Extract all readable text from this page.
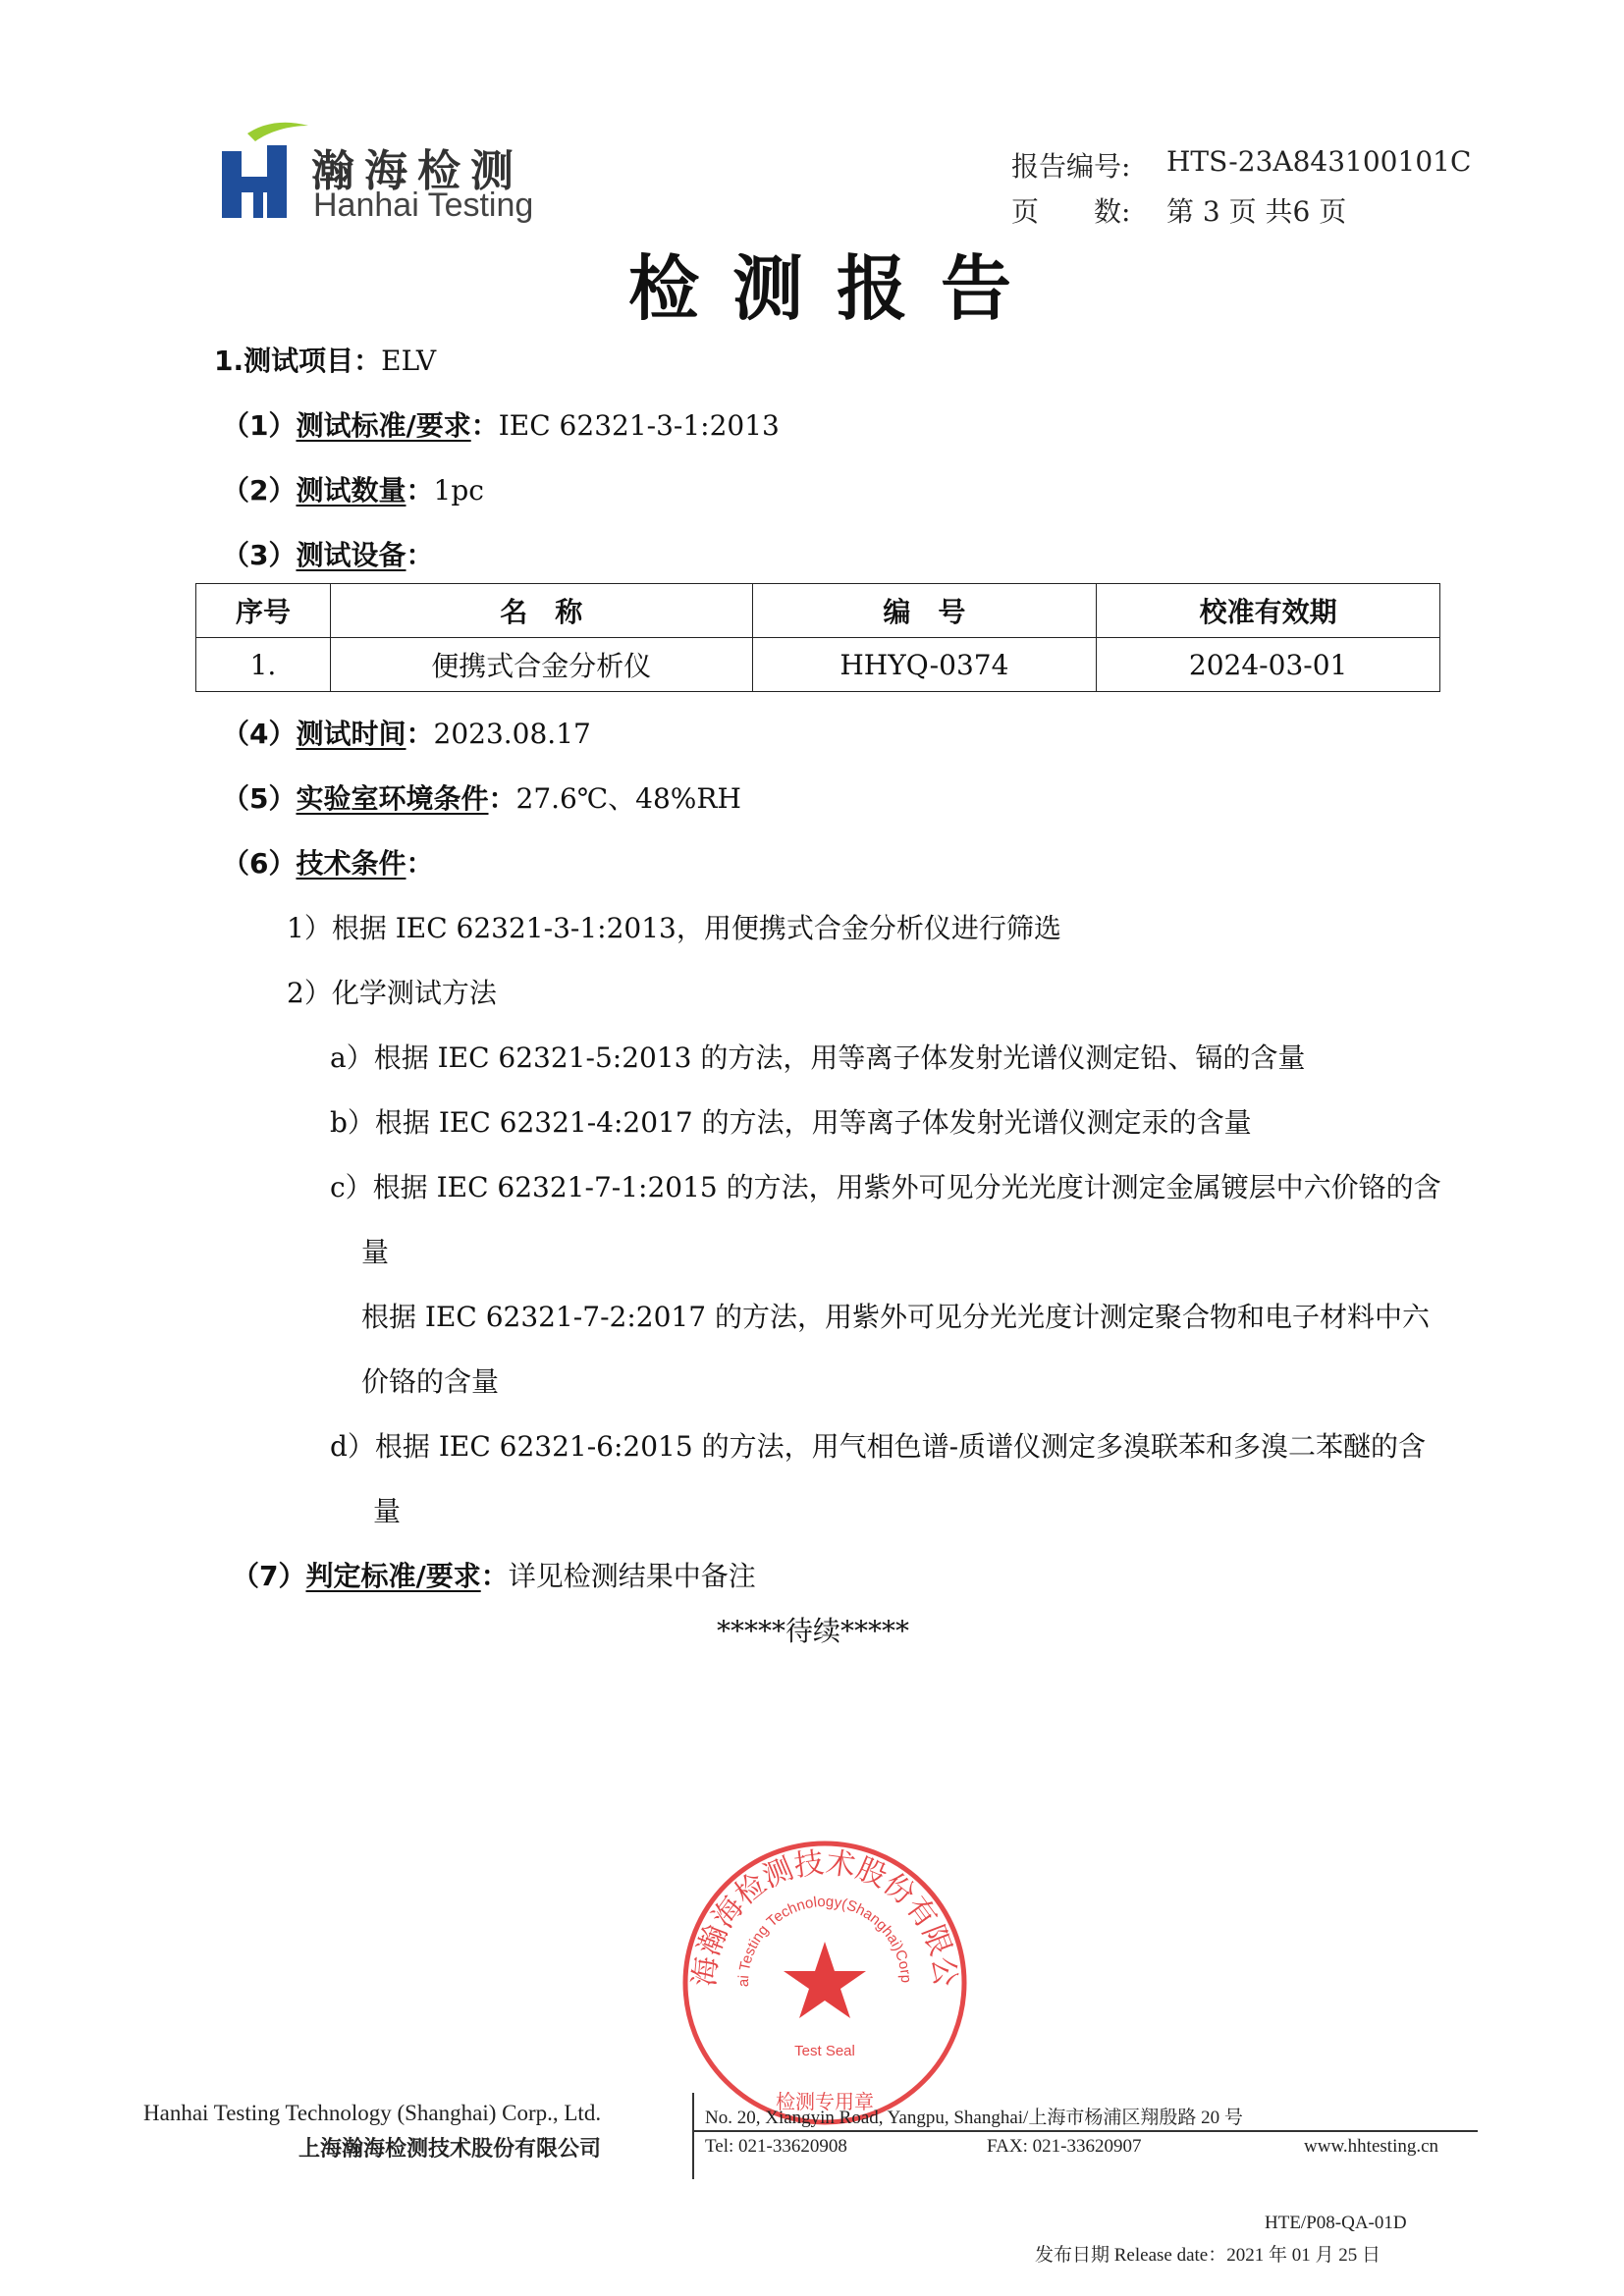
瀚海检测
Hanhai Testing
报告编号: HTS-23A843100101C
页　　数: 第 3 页 共6 页
检测报告
1.测试项目：ELV
（1）测试标准/要求：IEC 62321-3-1:2013
（2）测试数量：1pc
（3）测试设备：
序号	名　称	编　号	校准有效期
1.	便携式合金分析仪	HHYQ-0374	2024-03-01
（4）测试时间：2023.08.17
（5）实验室环境条件：27.6℃、48%RH
（6）技术条件：
1）根据 IEC 62321-3-1:2013，用便携式合金分析仪进行筛选
2）化学测试方法
a）根据 IEC 62321-5:2013 的方法，用等离子体发射光谱仪测定铅、镉的含量
b）根据 IEC 62321-4:2017 的方法，用等离子体发射光谱仪测定汞的含量
c）根据 IEC 62321-7-1:2015 的方法，用紫外可见分光光度计测定金属镀层中六价铬的含
量
根据 IEC 62321-7-2:2017 的方法，用紫外可见分光光度计测定聚合物和电子材料中六
价铬的含量
d）根据 IEC 62321-6:2015 的方法，用气相色谱-质谱仪测定多溴联苯和多溴二苯醚的含
量
（7）判定标准/要求：详见检测结果中备注
*****待续*****
海瀚海检测技术股份有限公
ai Testing Technology(Shanghai)Corp
Test Seal
检测专用章
Hanhai Testing Technology (Shanghai) Corp., Ltd.
上海瀚海检测技术股份有限公司
No. 20, Xiangyin Road, Yangpu, Shanghai/上海市杨浦区翔殷路 20 号
Tel: 021-33620908	FAX: 021-33620907	www.hhtesting.cn
HTE/P08-QA-01D
发布日期 Release date：2021 年 01 月 25 日
